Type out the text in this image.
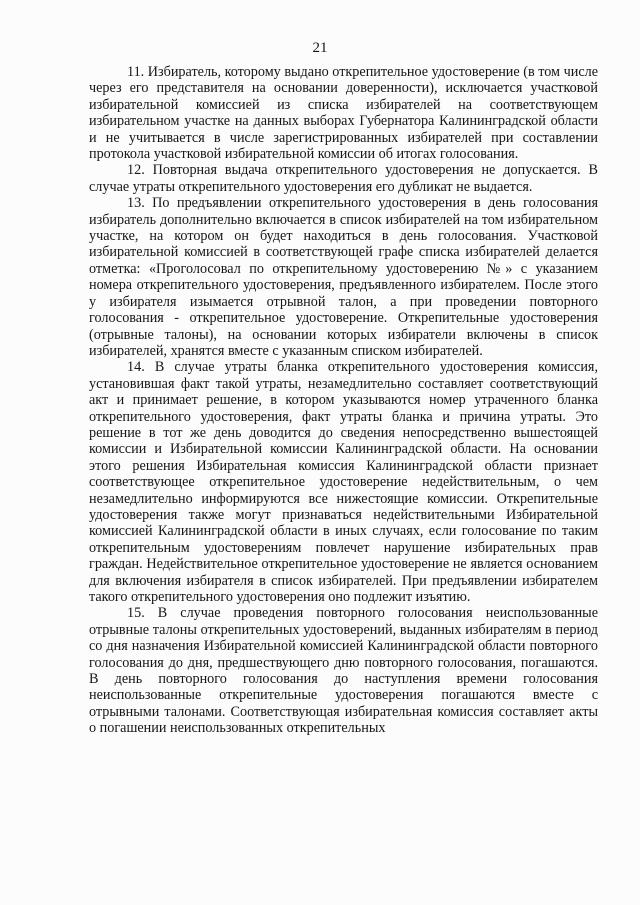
21

11. Избиратель, которому выдано открепительное удостоверение (в том числе через его представителя на основании доверенности), исключается участковой избирательной комиссией из списка избирателей на соответствующем избирательном участке на данных выборах Губернатора Калининградской области и не учитывается в числе зарегистрированных избирателей при составлении протокола участковой избирательной комиссии об итогах голосования.

12. Повторная выдача открепительного удостоверения не допускается. В случае утраты открепительного удостоверения его дубликат не выдается.

13. По предъявлении открепительного удостоверения в день голосования избиратель дополнительно включается в список избирателей на том избирательном участке, на котором он будет находиться в день голосования. Участковой избирательной комиссией в соответствующей графе списка избирателей делается отметка: «Проголосовал по открепительному удостоверению №» с указанием номера открепительного удостоверения, предъявленного избирателем. После этого у избирателя изымается отрывной талон, а при проведении повторного голосования - открепительное удостоверение. Открепительные удостоверения (отрывные талоны), на основании которых избиратели включены в список избирателей, хранятся вместе с указанным списком избирателей.

14. В случае утраты бланка открепительного удостоверения комиссия, установившая факт такой утраты, незамедлительно составляет соответствующий акт и принимает решение, в котором указываются номер утраченного бланка открепительного удостоверения, факт утраты бланка и причина утраты. Это решение в тот же день доводится до сведения непосредственно вышестоящей комиссии и Избирательной комиссии Калининградской области. На основании этого решения Избирательная комиссия Калининградской области признает соответствующее открепительное удостоверение недействительным, о чем незамедлительно информируются все нижестоящие комиссии. Открепительные удостоверения также могут признаваться недействительными Избирательной комиссией Калининградской области в иных случаях, если голосование по таким открепительным удостоверениям повлечет нарушение избирательных прав граждан. Недействительное открепительное удостоверение не является основанием для включения избирателя в список избирателей. При предъявлении избирателем такого открепительного удостоверения оно подлежит изъятию.

15. В случае проведения повторного голосования неиспользованные отрывные талоны открепительных удостоверений, выданных избирателям в период со дня назначения Избирательной комиссией Калининградской области повторного голосования до дня, предшествующего дню повторного голосования, погашаются. В день повторного голосования до наступления времени голосования неиспользованные открепительные удостоверения погашаются вместе с отрывными талонами. Соответствующая избирательная комиссия составляет акты о погашении неиспользованных открепительных
